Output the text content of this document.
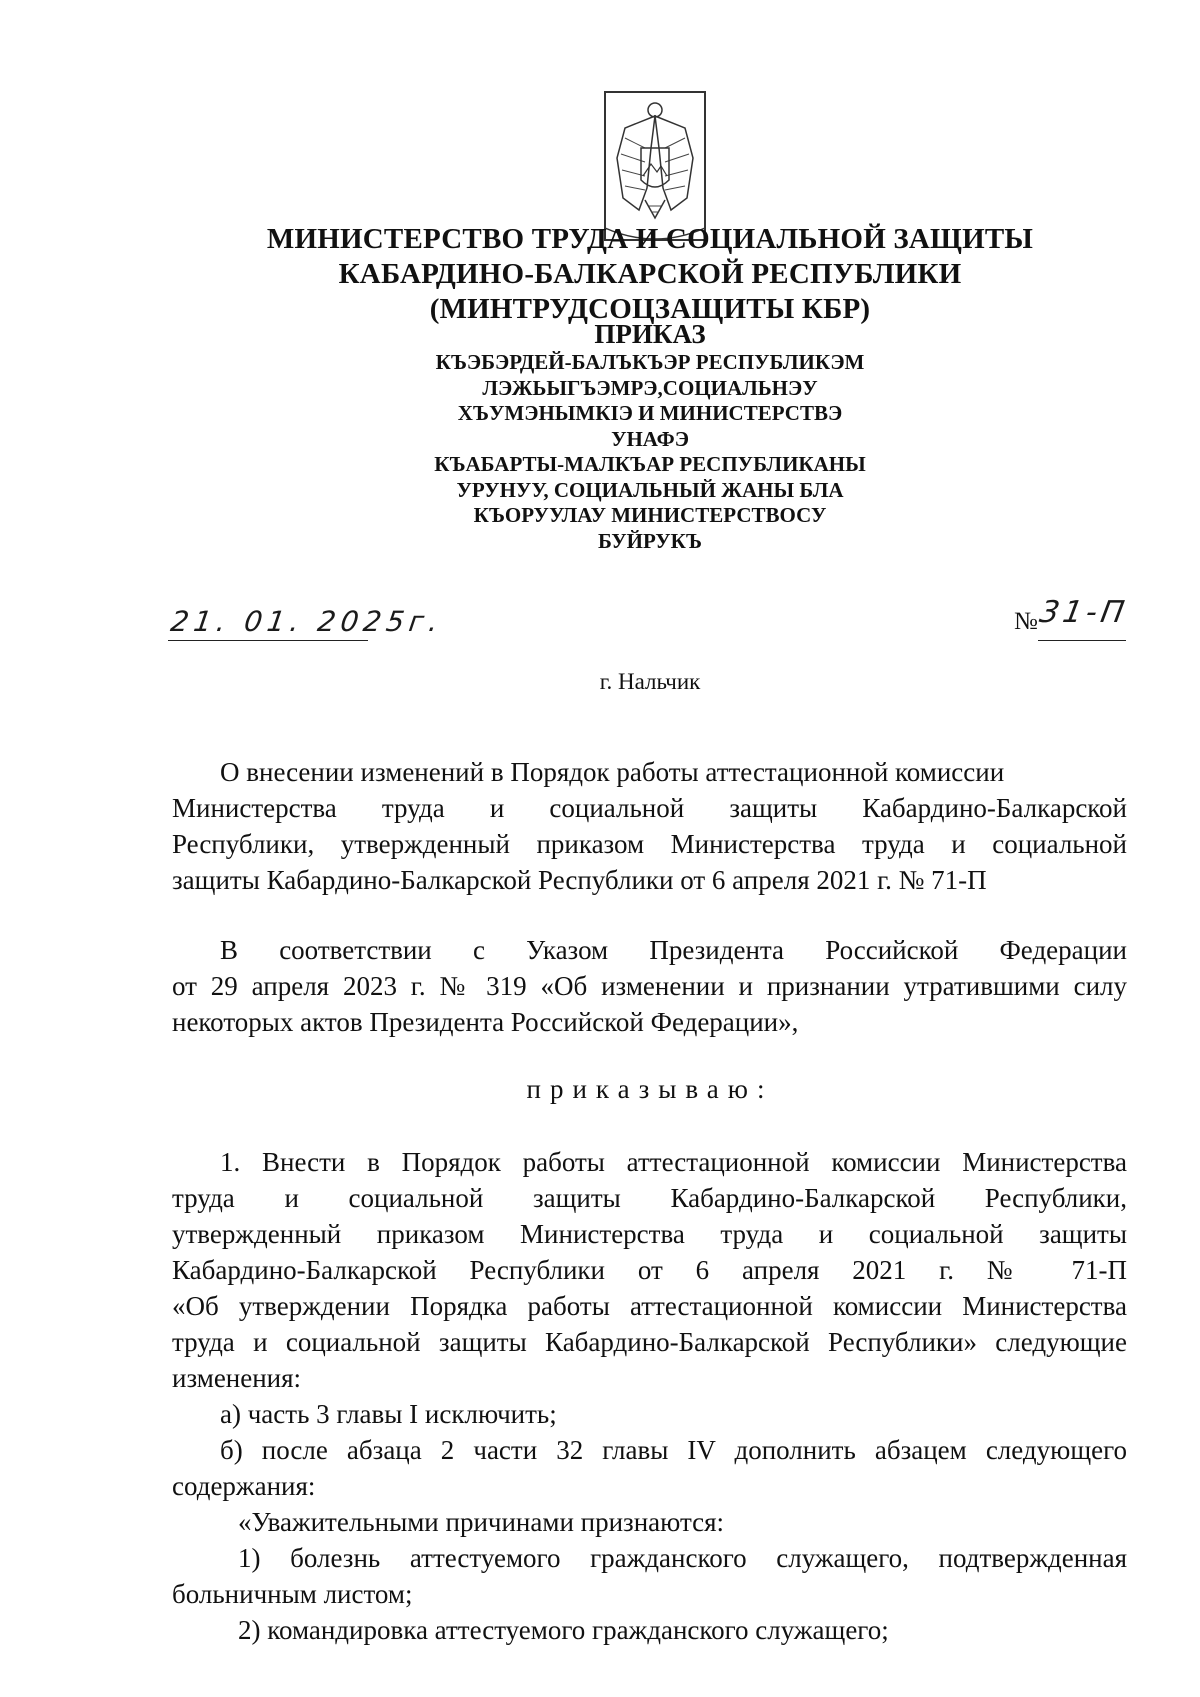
МИНИСТЕРСТВО ТРУДА И СОЦИАЛЬНОЙ ЗАЩИТЫ
КАБАРДИНО-БАЛКАРСКОЙ РЕСПУБЛИКИ
(МИНТРУДСОЦЗАЩИТЫ КБР)
ПРИКАЗ
КЪЭБЭРДЕЙ-БАЛЪКЪЭР РЕСПУБЛИКЭМ
ЛЭЖЬЫГЪЭМРЭ,СОЦИАЛЬНЭУ
ХЪУМЭНЫМКIЭ И МИНИСТЕРСТВЭ
УНАФЭ
КЪАБАРТЫ-МАЛКЪАР РЕСПУБЛИКАНЫ
УРУНУУ, СОЦИАЛЬНЫЙ ЖАНЫ БЛА
КЪОРУУЛАУ МИНИСТЕРСТВОСУ
БУЙРУКЪ
21. 01. 2025г.	№ 31-П
г. Нальчик
О внесении изменений в Порядок работы аттестационной комиссии
Министерства труда и социальной защиты Кабардино-Балкарской
Республики, утвержденный приказом Министерства труда и социальной
защиты Кабардино-Балкарской Республики от 6 апреля 2021 г. № 71-П
В соответствии с Указом Президента Российской Федерации
от 29 апреля 2023 г. № 319 «Об изменении и признании утратившими силу
некоторых актов Президента Российской Федерации»,
приказываю:
1. Внести в Порядок работы аттестационной комиссии Министерства
труда и социальной защиты Кабардино-Балкарской Республики,
утвержденный приказом Министерства труда и социальной защиты
Кабардино-Балкарской Республики от 6 апреля 2021 г. № 71-П
«Об утверждении Порядка работы аттестационной комиссии Министерства
труда и социальной защиты Кабардино-Балкарской Республики» следующие
изменения:
а) часть 3 главы I исключить;
б) после абзаца 2 части 32 главы IV дополнить абзацем следующего
содержания:
«Уважительными причинами признаются:
1) болезнь аттестуемого гражданского служащего, подтвержденная
больничным листом;
2) командировка аттестуемого гражданского служащего;
